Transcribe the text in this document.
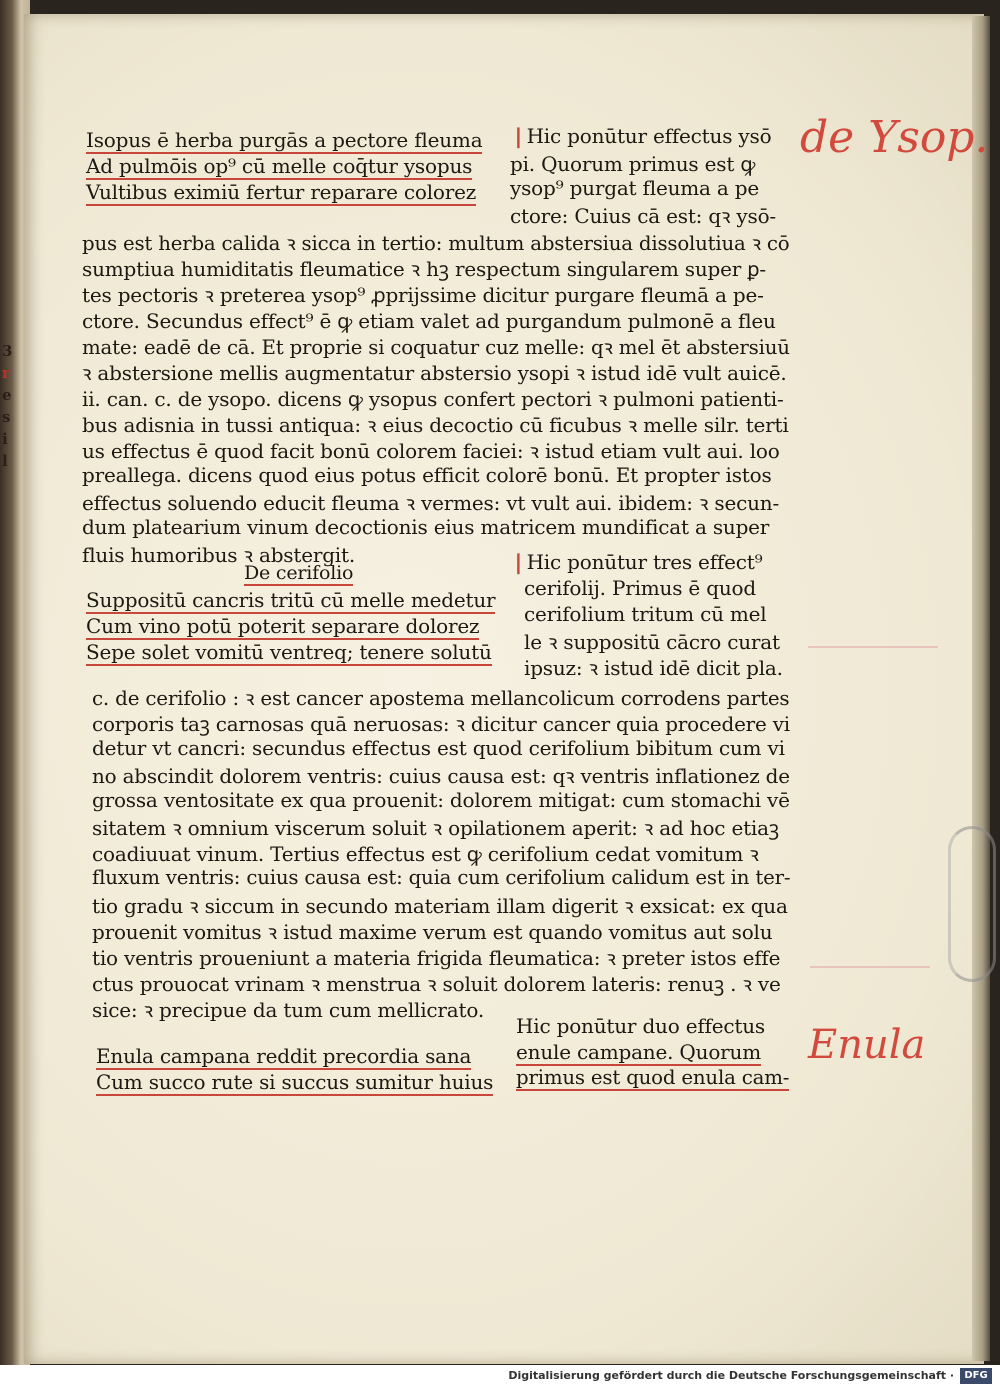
3
r
e
s
i
l
❘Hic ponūtur effectus ysō
pi. Quorum primus est ꝙ
ysop⁹ purgat fleuma a pe
ctore: Cuius cā est: qꝛ ysō-
Isopus ē herba purgās a pectore fleuma
Ad pulmōis op⁹ cū melle coq̄tur ysopus
Vultibus eximiū fertur reparare colorez
pus est herba calida ꝛ sicca in tertio: multum abstersiua dissolutiua ꝛ cō
sumptiua humiditatis fleumatice ꝛ hꝫ respectum singularem super ꝑ-
tes pectoris ꝛ preterea ysop⁹ ꝓprijssime dicitur purgare fleumā a pe-
ctore. Secundus effect⁹ ē ꝙ etiam valet ad purgandum pulmonē a fleu
mate: eadē de cā. Et proprie si coquatur cuz melle: qꝛ mel ēt abstersiuū
ꝛ abstersione mellis augmentatur abstersio ysopi ꝛ istud idē vult auicē.
ii. can. c. de ysopo. dicens ꝙ ysopus confert pectori ꝛ pulmoni patienti-
bus adisnia in tussi antiqua: ꝛ eius decoctio cū ficubus ꝛ melle silr. terti
us effectus ē quod facit bonū colorem faciei: ꝛ istud etiam vult aui. loo
preallega. dicens quod eius potus efficit colorē bonū. Et propter istos
effectus soluendo educit fleuma ꝛ vermes: vt vult aui. ibidem: ꝛ secun-
dum platearium vinum decoctionis eius matricem mundificat a super
fluis humoribus ꝛ abstergit.
De cerifolio	❘Hic ponūtur tres effect⁹
cerifolij. Primus ē quod
cerifolium tritum cū mel
le ꝛ suppositū cācro curat
ipsuz: ꝛ istud idē dicit pla.
Suppositū cancris tritū cū melle medetur
Cum vino potū poterit separare dolorez
Sepe solet vomitū ventreq; tenere solutū
c. de cerifolio : ꝛ est cancer apostema mellancolicum corrodens partes
corporis taꝫ carnosas quā neruosas: ꝛ dicitur cancer quia procedere vi
detur vt cancri: secundus effectus est quod cerifolium bibitum cum vi
no abscindit dolorem ventris: cuius causa est: qꝛ ventris inflationez de
grossa ventositate ex qua prouenit: dolorem mitigat: cum stomachi vē
sitatem ꝛ omnium viscerum soluit ꝛ opilationem aperit: ꝛ ad hoc etiaꝫ
coadiuuat vinum. Tertius effectus est ꝙ cerifolium cedat vomitum ꝛ
fluxum ventris: cuius causa est: quia cum cerifolium calidum est in ter-
tio gradu ꝛ siccum in secundo materiam illam digerit ꝛ exsicat: ex qua
prouenit vomitus ꝛ istud maxime verum est quando vomitus aut solu
tio ventris proueniunt a materia frigida fleumatica: ꝛ preter istos effe
ctus prouocat vrinam ꝛ menstrua ꝛ soluit dolorem lateris: renuꝫ . ꝛ ve
sice: ꝛ precipue da tum cum mellicrato.
Hic ponūtur duo effectus
enule campane. Quorum
primus est quod enula cam-
Enula campana reddit precordia sana
Cum succo rute si succus sumitur huius
de Ysop.
Enula
Digitalisierung gefördert durch die Deutsche Forschungsgemeinschaft ·	DFG
